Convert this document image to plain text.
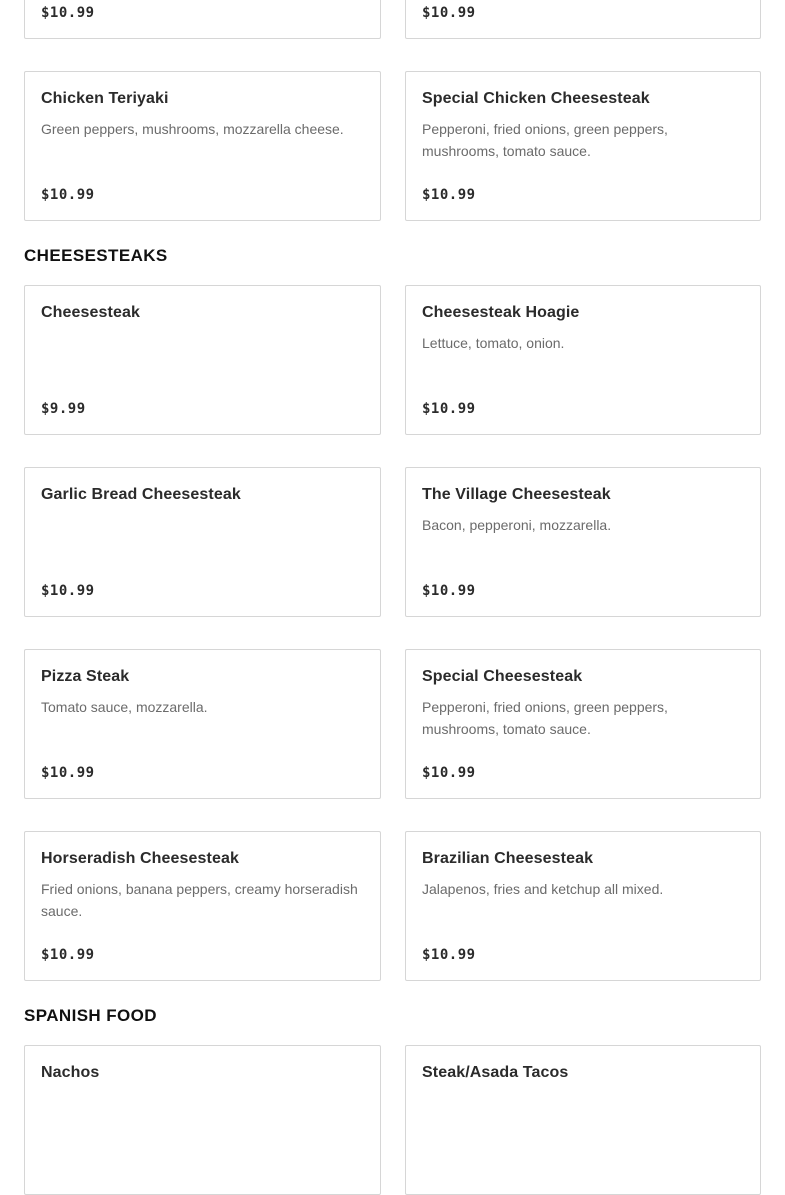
$10.99	$10.99
Chicken Teriyaki
Green peppers, mushrooms, mozzarella cheese.
$10.99
Special Chicken Cheesesteak
Pepperoni, fried onions, green peppers, mushrooms, tomato sauce.
$10.99
CHEESESTEAKS
Cheesesteak
$9.99
Cheesesteak Hoagie
Lettuce, tomato, onion.
$10.99
Garlic Bread Cheesesteak
$10.99
The Village Cheesesteak
Bacon, pepperoni, mozzarella.
$10.99
Pizza Steak
Tomato sauce, mozzarella.
$10.99
Special Cheesesteak
Pepperoni, fried onions, green peppers, mushrooms, tomato sauce.
$10.99
Horseradish Cheesesteak
Fried onions, banana peppers, creamy horseradish sauce.
$10.99
Brazilian Cheesesteak
Jalapenos, fries and ketchup all mixed.
$10.99
SPANISH FOOD
Nachos	Steak/Asada Tacos
